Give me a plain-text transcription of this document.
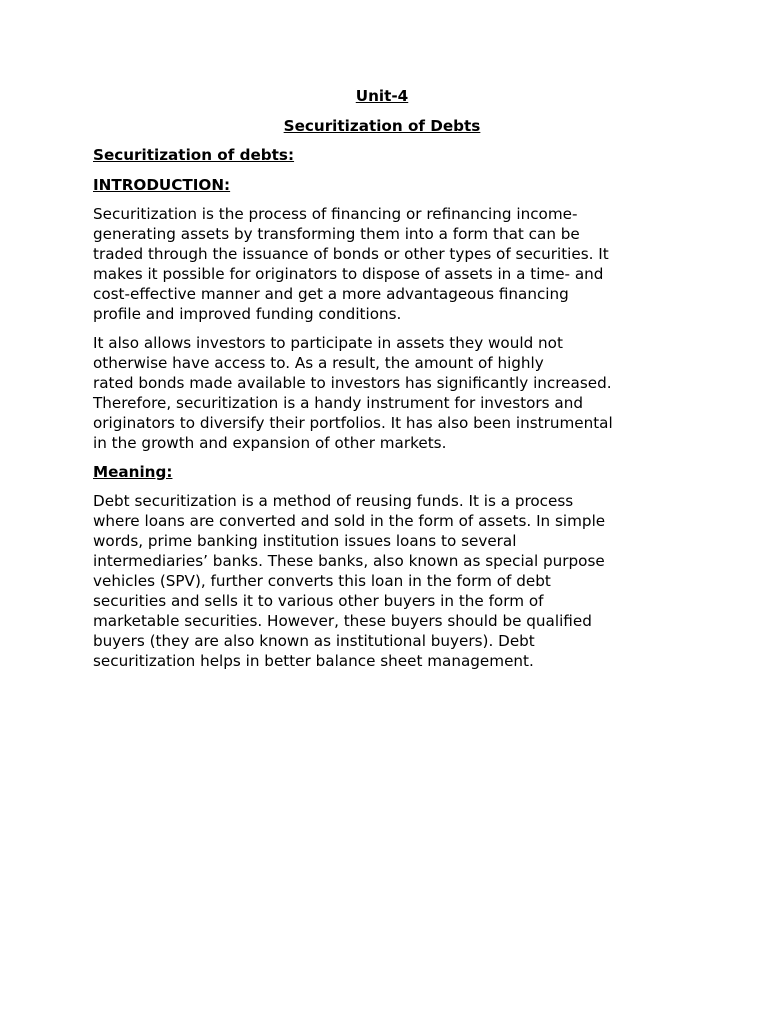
Unit-4

Securitization of Debts

Securitization of debts:

INTRODUCTION:

Securitization is the process of financing or refinancing income-
generating assets by transforming them into a form that can be
traded through the issuance of bonds or other types of securities. It
makes it possible for originators to dispose of assets in a time- and
cost-effective manner and get a more advantageous financing
profile and improved funding conditions.

It also allows investors to participate in assets they would not
otherwise have access to. As a result, the amount of highly
rated bonds made available to investors has significantly increased.
Therefore, securitization is a handy instrument for investors and
originators to diversify their portfolios. It has also been instrumental
in the growth and expansion of other markets.

Meaning:

Debt securitization is a method of reusing funds. It is a process
where loans are converted and sold in the form of assets. In simple
words, prime banking institution issues loans to several
intermediaries’ banks. These banks, also known as special purpose
vehicles (SPV), further converts this loan in the form of debt
securities and sells it to various other buyers in the form of
marketable securities. However, these buyers should be qualified
buyers (they are also known as institutional buyers). Debt
securitization helps in better balance sheet management.
